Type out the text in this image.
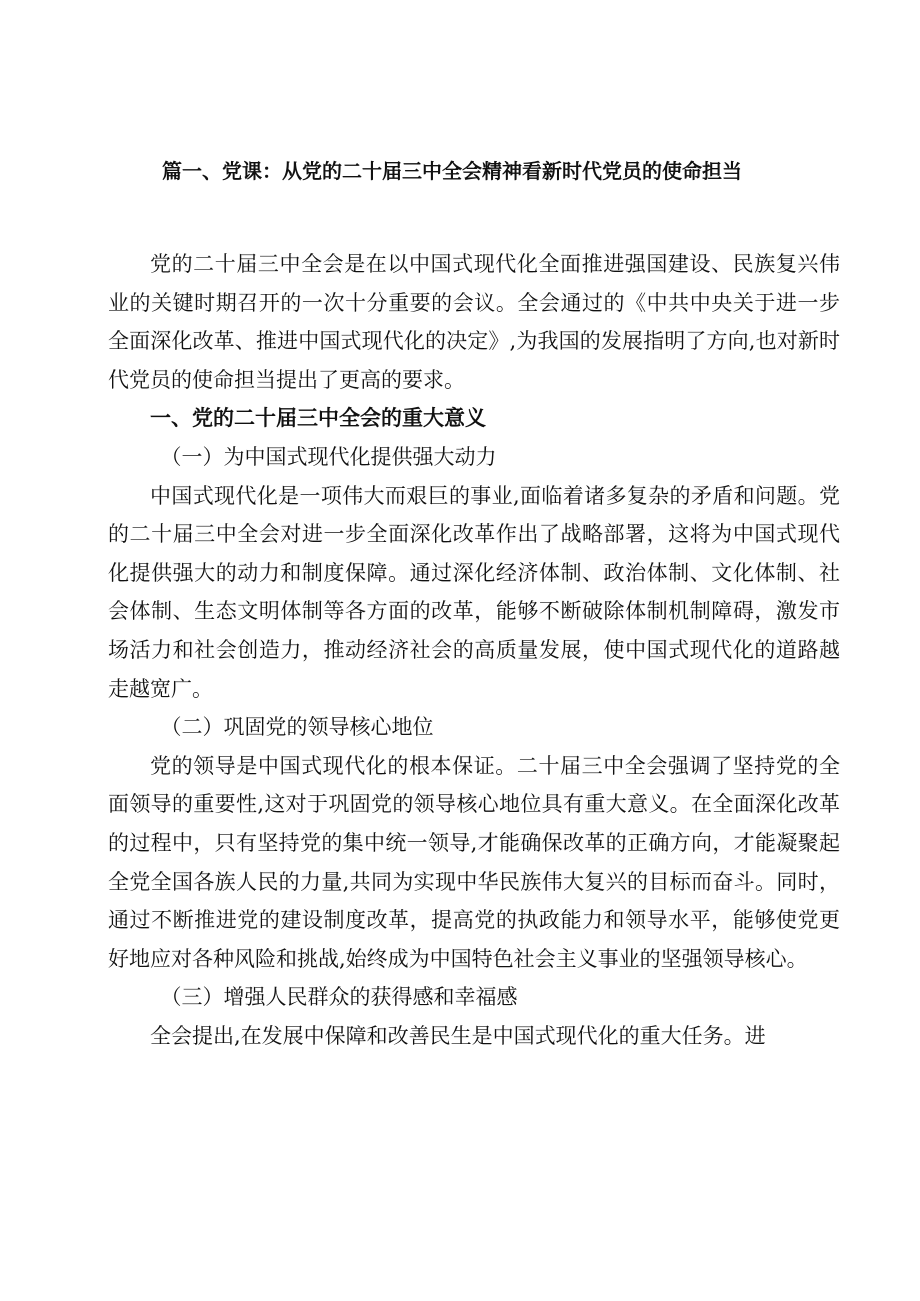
篇一、党课：从党的二十届三中全会精神看新时代党员的使命担当

党的二十届三中全会是在以中国式现代化全面推进强国建设、民族复兴伟业的关键时期召开的一次十分重要的会议。全会通过的《中共中央关于进一步全面深化改革、推进中国式现代化的决定》,为我国的发展指明了方向,也对新时代党员的使命担当提出了更高的要求。

一、党的二十届三中全会的重大意义

（一）为中国式现代化提供强大动力

中国式现代化是一项伟大而艰巨的事业,面临着诸多复杂的矛盾和问题。党的二十届三中全会对进一步全面深化改革作出了战略部署，这将为中国式现代化提供强大的动力和制度保障。通过深化经济体制、政治体制、文化体制、社会体制、生态文明体制等各方面的改革，能够不断破除体制机制障碍，激发市场活力和社会创造力，推动经济社会的高质量发展，使中国式现代化的道路越走越宽广。

（二）巩固党的领导核心地位

党的领导是中国式现代化的根本保证。二十届三中全会强调了坚持党的全面领导的重要性,这对于巩固党的领导核心地位具有重大意义。在全面深化改革的过程中，只有坚持党的集中统一领导,才能确保改革的正确方向，才能凝聚起全党全国各族人民的力量,共同为实现中华民族伟大复兴的目标而奋斗。同时，通过不断推进党的建设制度改革，提高党的执政能力和领导水平，能够使党更好地应对各种风险和挑战,始终成为中国特色社会主义事业的坚强领导核心。

（三）增强人民群众的获得感和幸福感

全会提出,在发展中保障和改善民生是中国式现代化的重大任务。进
